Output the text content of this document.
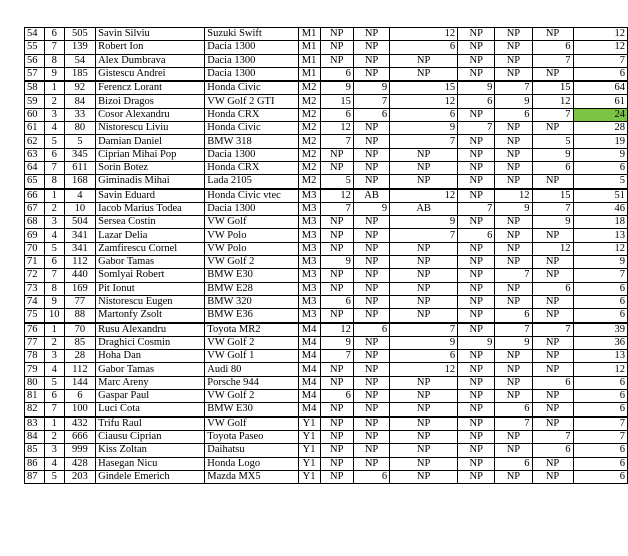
54	6	505	Savin Silviu	Suzuki Swift	M1	NP	NP	12	NP	NP	NP	12
55	7	139	Robert Ion	Dacia 1300	M1	NP	NP	6	NP	NP	6	12
56	8	54	Alex Dumbrava	Dacia 1300	M1	NP	NP	NP	NP	NP	7	7
57	9	185	Gistescu Andrei	Dacia 1300	M1	6	NP	NP	NP	NP	NP	6
58	1	92	Ferencz Lorant	Honda Civic	M2	9	9	15	9	7	15	64
59	2	84	Bizoi Dragos	VW Golf 2 GTI	M2	15	7	12	6	9	12	61
60	3	33	Cosor Alexandru	Honda CRX	M2	6	6	6	NP	6	7	24
61	4	80	Nistorescu Liviu	Honda Civic	M2	12	NP	9	7	NP	NP	28
62	5	5	Damian Daniel	BMW 318	M2	7	NP	7	NP	NP	5	19
63	6	345	Ciprian Mihai Pop	Dacia 1300	M2	NP	NP	NP	NP	NP	9	9
64	7	611	Sorin Botez	Honda CRX	M2	NP	NP	NP	NP	NP	6	6
65	8	168	Giminadis Mihai	Lada 2105	M2	5	NP	NP	NP	NP	NP	5
66	1	4	Savin Eduard	Honda Civic vtec	M3	12	AB	12	NP	12	15	51
67	2	10	Iacob Marius Todea	Dacia 1300	M3	7	9	AB	7	9	7	46
68	3	504	Sersea Costin	VW Golf	M3	NP	NP	9	NP	NP	9	18
69	4	341	Lazar Delia	VW Polo	M3	NP	NP	7	6	NP	NP	13
70	5	341	Zamfirescu Cornel	VW Polo	M3	NP	NP	NP	NP	NP	12	12
71	6	112	Gabor Tamas	VW Golf 2	M3	9	NP	NP	NP	NP	NP	9
72	7	440	Somlyai Robert	BMW E30	M3	NP	NP	NP	NP	7	NP	7
73	8	169	Pit Ionut	BMW E28	M3	NP	NP	NP	NP	NP	6	6
74	9	77	Nistorescu Eugen	BMW 320	M3	6	NP	NP	NP	NP	NP	6
75	10	88	Martonfy Zsolt	BMW E36	M3	NP	NP	NP	NP	6	NP	6
76	1	70	Rusu Alexandru	Toyota MR2	M4	12	6	7	NP	7	7	39
77	2	85	Draghici Cosmin	VW Golf 2	M4	9	NP	9	9	9	NP	36
78	3	28	Hoha Dan	VW Golf 1	M4	7	NP	6	NP	NP	NP	13
79	4	112	Gabor Tamas	Audi 80	M4	NP	NP	12	NP	NP	NP	12
80	5	144	Marc Areny	Porsche 944	M4	NP	NP	NP	NP	NP	6	6
81	6	6	Gaspar Paul	VW Golf 2	M4	6	NP	NP	NP	NP	NP	6
82	7	100	Luci Cota	BMW E30	M4	NP	NP	NP	NP	6	NP	6
83	1	432	Trifu Raul	VW Golf	Y1	NP	NP	NP	NP	7	NP	7
84	2	666	Ciausu Ciprian	Toyota Paseo	Y1	NP	NP	NP	NP	NP	7	7
85	3	999	Kiss Zoltan	Daihatsu	Y1	NP	NP	NP	NP	NP	6	6
86	4	428	Hasegan Nicu	Honda Logo	Y1	NP	NP	NP	NP	6	NP	6
87	5	203	Gindele Emerich	Mazda MX5	Y1	NP	6	NP	NP	NP	NP	6
